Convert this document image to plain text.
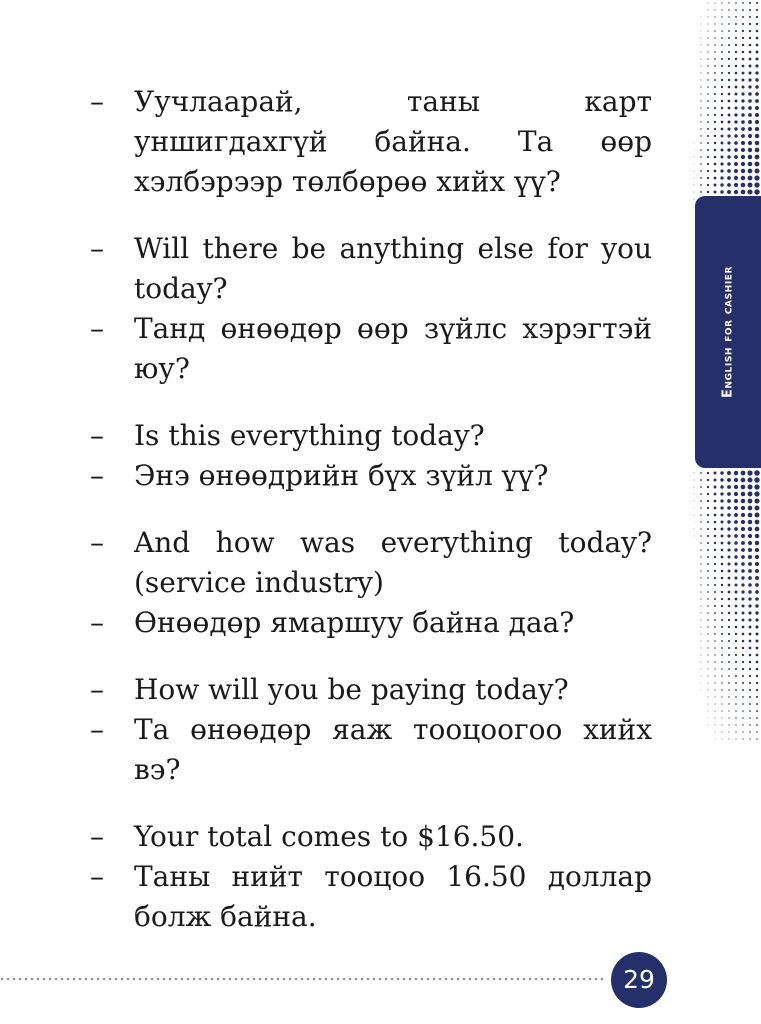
English for cashier
– Уучлаарай, таны карт уншигдахгүй байна. Та өөр хэлбэрээр төлбөрөө хийх үү?
– Will there be anything else for you today?
– Танд өнөөдөр өөр зүйлс хэрэгтэй юу?
– Is this everything today?
– Энэ өнөөдрийн бүх зүйл үү?
– And how was everything today? (service industry)
– Өнөөдөр ямаршуу байна даа?
– How will you be paying today?
– Та өнөөдөр яаж тооцоогоо хийх вэ?
– Your total comes to $16.50.
– Таны нийт тооцоо 16.50 доллар болж байна.
29
